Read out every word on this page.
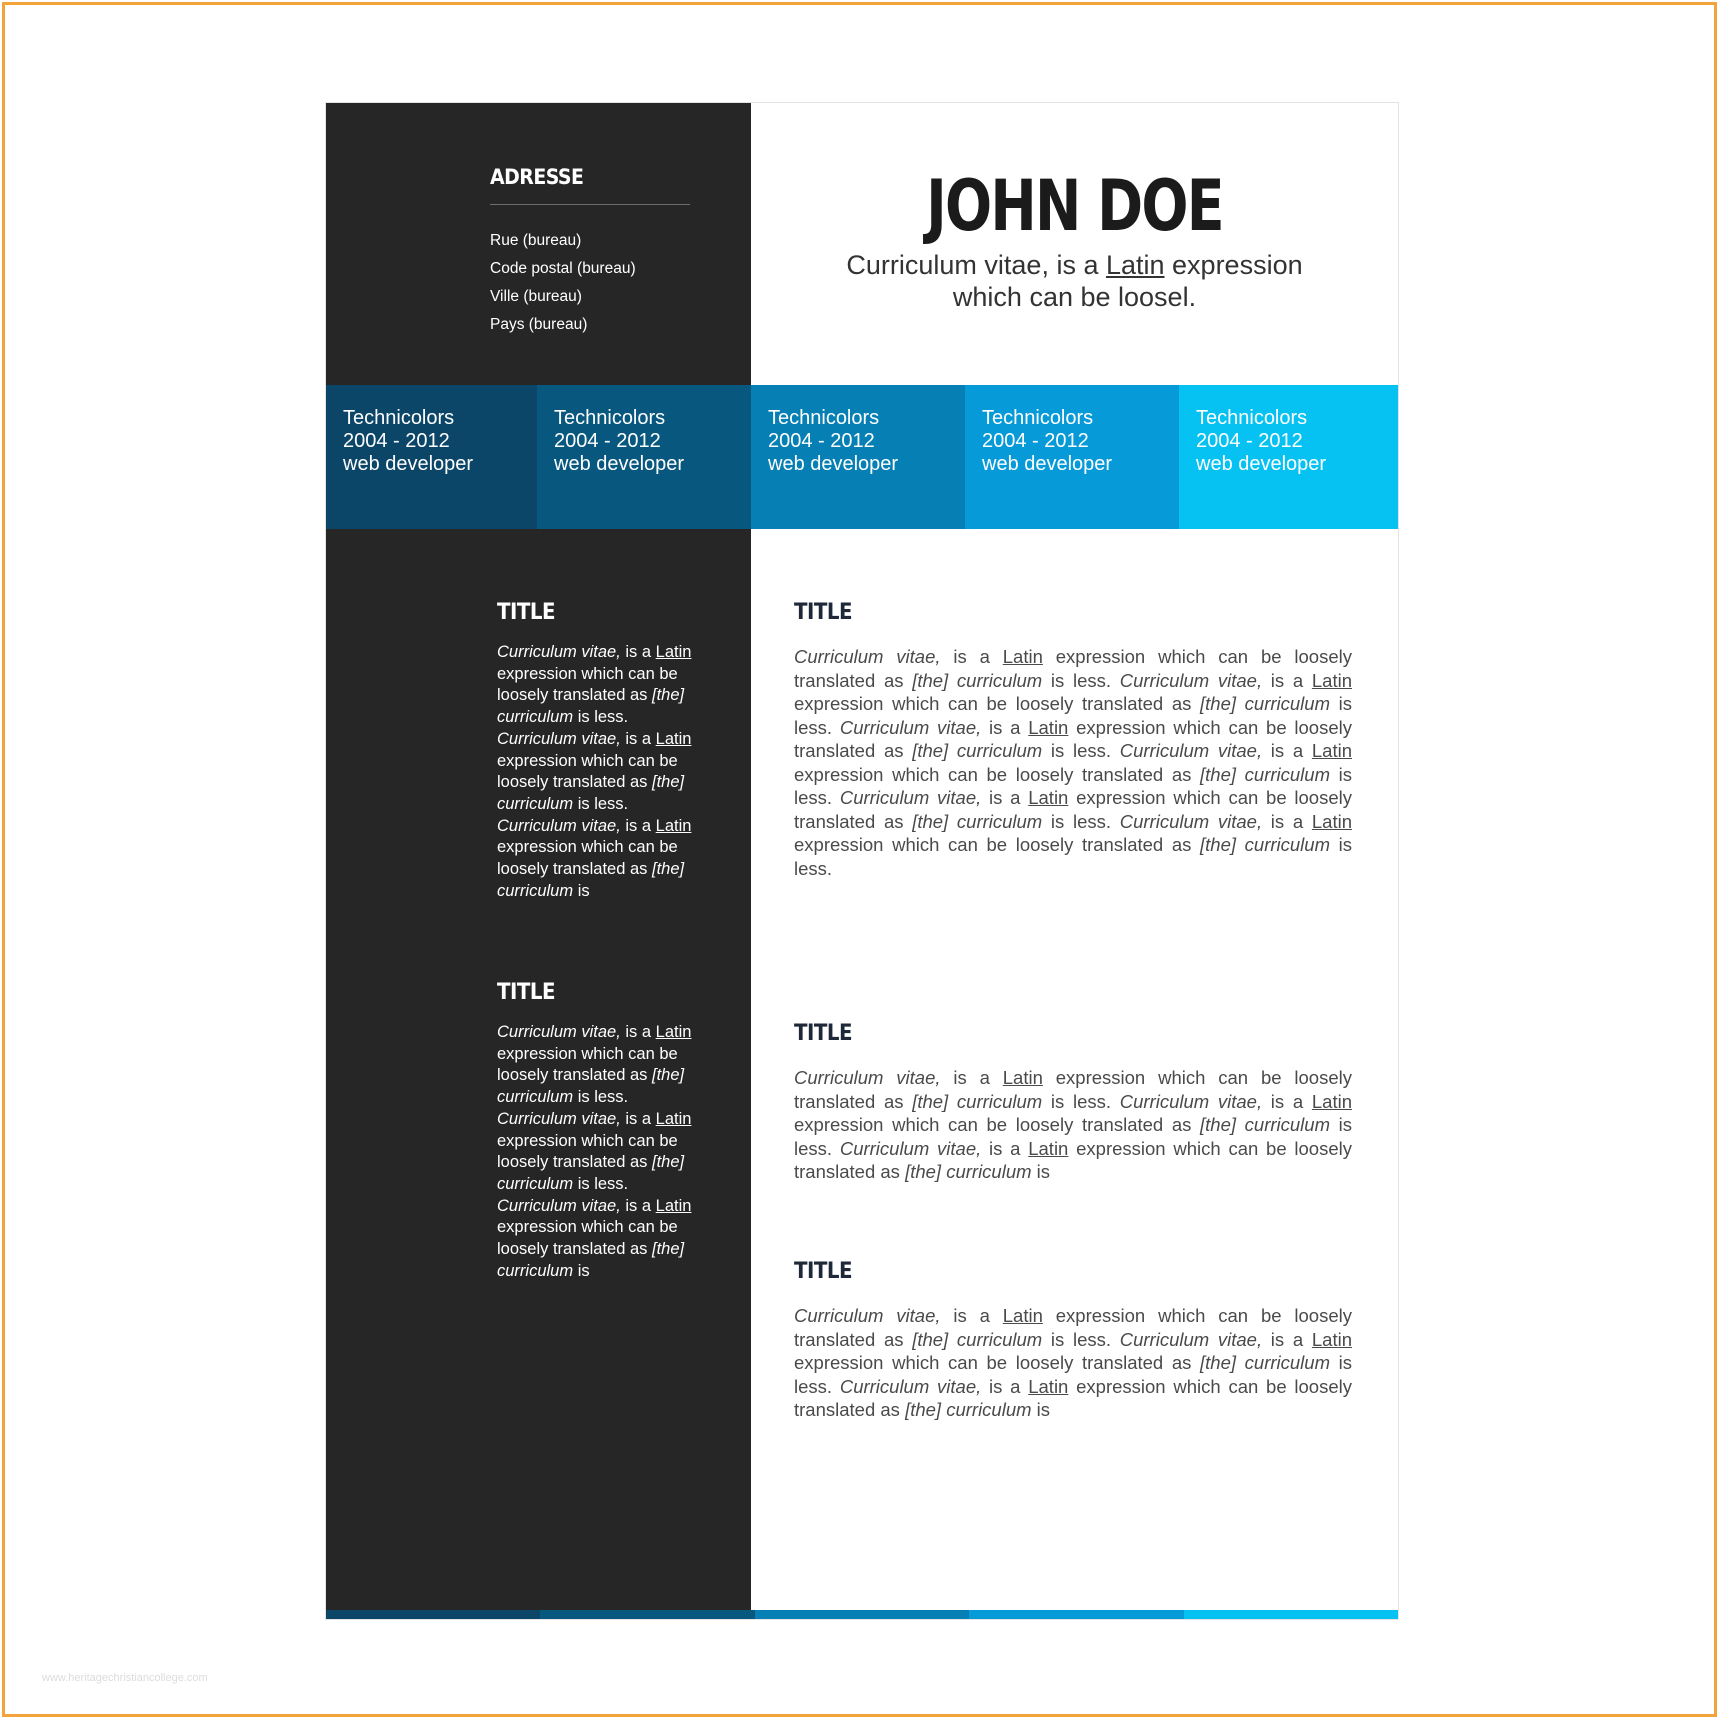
ADRESSE
Rue (bureau)
Code postal (bureau)
Ville (bureau)
Pays (bureau)
JOHN DOE
Curriculum vitae, is a Latin expression
which can be loosel.
Technicolors
2004 - 2012
web developer
Technicolors
2004 - 2012
web developer
Technicolors
2004 - 2012
web developer
Technicolors
2004 - 2012
web developer
Technicolors
2004 - 2012
web developer
TITLE
Curriculum vitae, is a Latin expression which can be loosely translated as [the] curriculum is less. Curriculum vitae, is a Latin expression which can be loosely translated as [the] curriculum is less. Curriculum vitae, is a Latin expression which can be loosely translated as [the] curriculum is
TITLE
Curriculum vitae, is a Latin expression which can be loosely translated as [the] curriculum is less. Curriculum vitae, is a Latin expression which can be loosely translated as [the] curriculum is less. Curriculum vitae, is a Latin expression which can be loosely translated as [the] curriculum is
TITLE
Curriculum vitae, is a Latin expression which can be loosely translated as [the] curriculum is less. Curriculum vitae, is a Latin expression which can be loosely translated as [the] curriculum is less. Curriculum vitae, is a Latin expression which can be loosely translated as [the] curriculum is less. Curriculum vitae, is a Latin expression which can be loosely translated as [the] curriculum is less. Curriculum vitae, is a Latin expression which can be loosely translated as [the] curriculum is less. Curriculum vitae, is a Latin expression which can be loosely translated as [the] curriculum is less.
TITLE
Curriculum vitae, is a Latin expression which can be loosely translated as [the] curriculum is less. Curriculum vitae, is a Latin expression which can be loosely translated as [the] curriculum is less. Curriculum vitae, is a Latin expression which can be loosely translated as [the] curriculum is
TITLE
Curriculum vitae, is a Latin expression which can be loosely translated as [the] curriculum is less. Curriculum vitae, is a Latin expression which can be loosely translated as [the] curriculum is less. Curriculum vitae, is a Latin expression which can be loosely translated as [the] curriculum is
www.heritagechristiancollege.com
